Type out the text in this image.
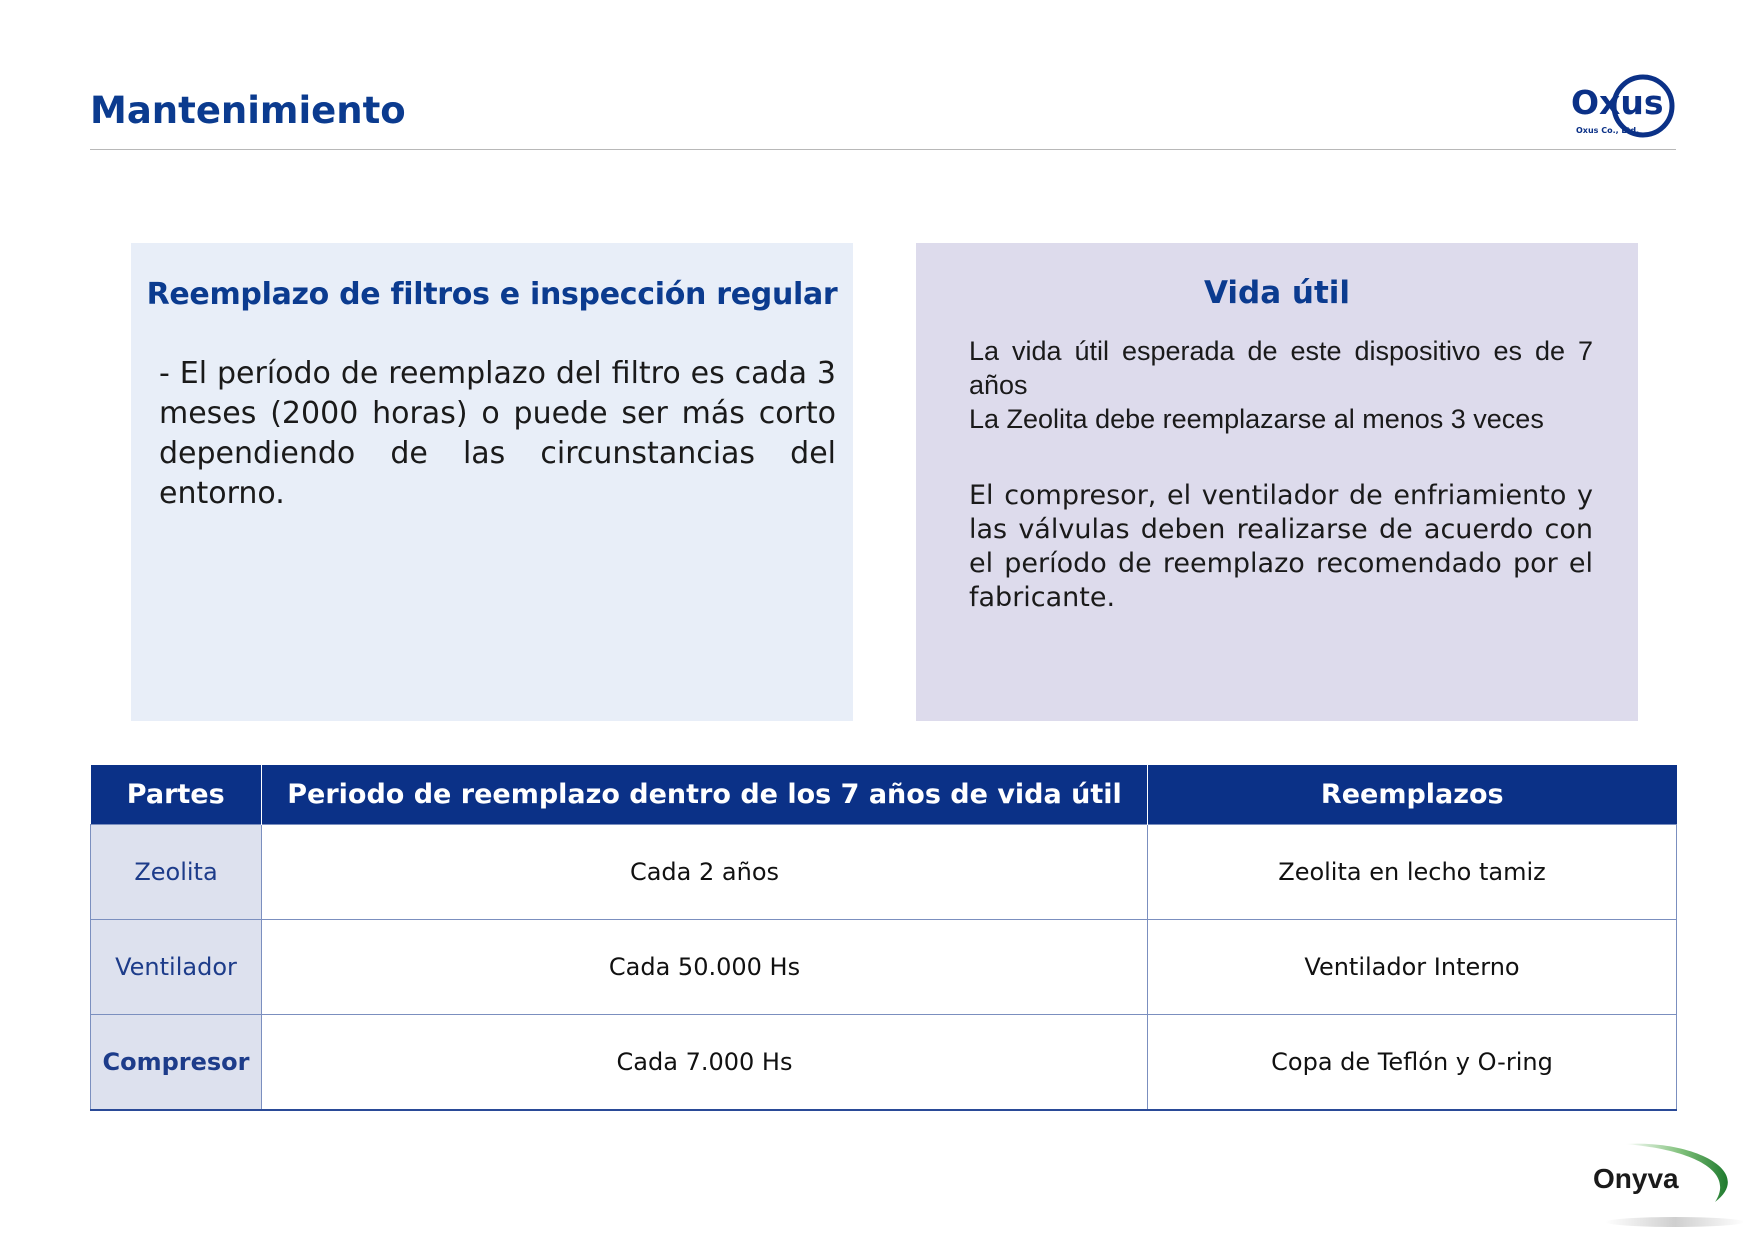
Mantenimiento	Oxus
Oxus Co., Ltd.
Reemplazo de filtros e inspección regular
- El período de reemplazo del filtro es cada 3 meses (2000 horas) o puede ser más corto dependiendo de las circunstancias del entorno.
Vida útil

La vida útil esperada de este dispositivo es de 7 años

La Zeolita debe reemplazarse al menos 3 veces

El compresor, el ventilador de enfriamiento y las válvulas deben realizarse de acuerdo con el período de reemplazo recomendado por el fabricante.

Partes	Periodo de reemplazo dentro de los 7 años de vida útil	Reemplazos
Zeolita	Cada 2 años	Zeolita en lecho tamiz
Ventilador	Cada 50.000 Hs	Ventilador Interno
Compresor	Cada 7.000 Hs	Copa de Teflón y O-ring
Onyva
